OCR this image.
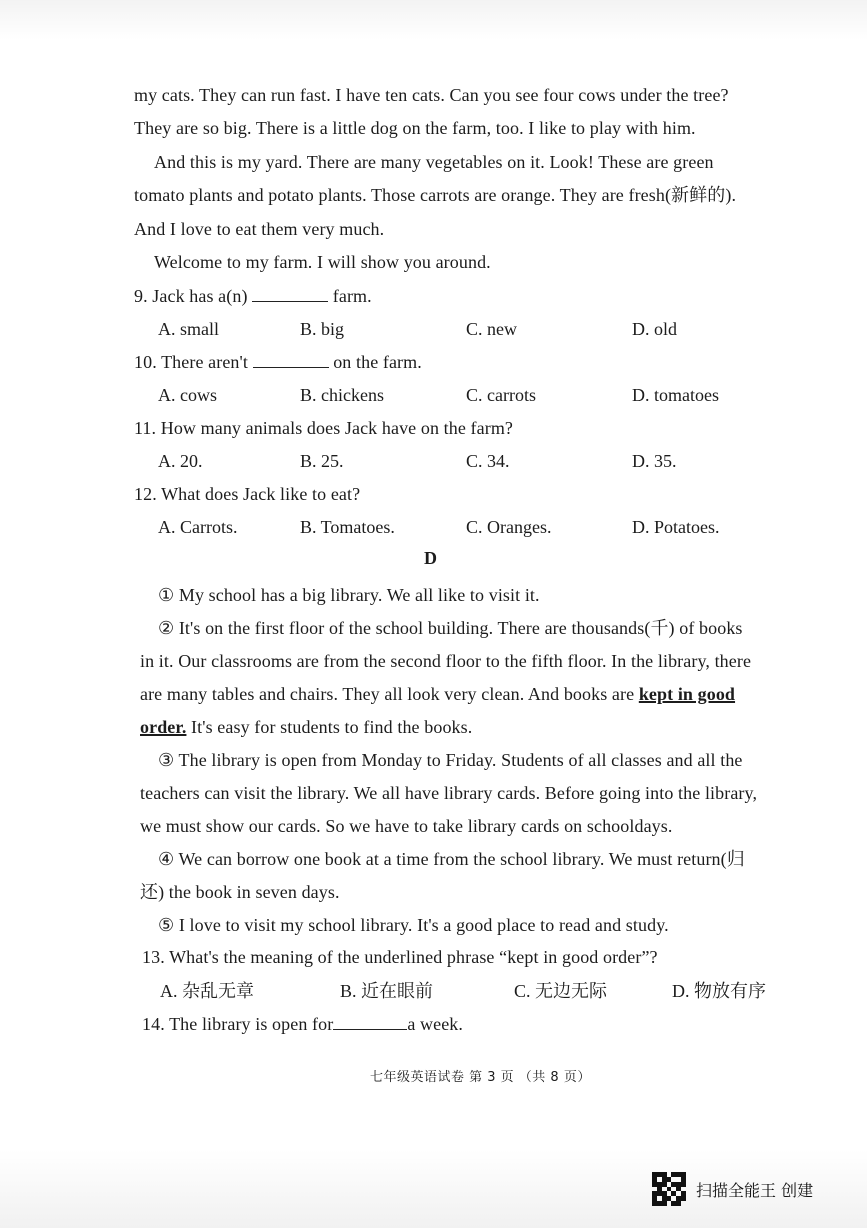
my cats. They can run fast. I have ten cats. Can you see four cows under the tree?
They are so big. There is a little dog on the farm, too. I like to play with him.
And this is my yard. There are many vegetables on it. Look! These are green
tomato plants and potato plants. Those carrots are orange. They are fresh(新鲜的).
And I love to eat them very much.
Welcome to my farm. I will show you around.
9. Jack has a(n)	farm.
A. small	B. big	C. new	D. old
10. There aren't	on the farm.
A. cows	B. chickens	C. carrots	D. tomatoes
11. How many animals does Jack have on the farm?
A. 20.	B. 25.	C. 34.	D. 35.
12. What does Jack like to eat?
A. Carrots.	B. Tomatoes.	C. Oranges.	D. Potatoes.
D
① My school has a big library. We all like to visit it.
② It's on the first floor of the school building. There are thousands(千) of books
in it. Our classrooms are from the second floor to the fifth floor. In the library, there
are many tables and chairs. They all look very clean. And books are kept in good
order. It's easy for students to find the books.
③ The library is open from Monday to Friday. Students of all classes and all the
teachers can visit the library. We all have library cards. Before going into the library,
we must show our cards. So we have to take library cards on schooldays.
④ We can borrow one book at a time from the school library. We must return(归
还) the book in seven days.
⑤ I love to visit my school library. It's a good place to read and study.
13. What's the meaning of the underlined phrase “kept in good order”?
A. 杂乱无章	B. 近在眼前	C. 无边无际	D. 物放有序
14. The library is open for	a week.
七年级英语试卷 第 3 页 （共 8 页）
扫描全能王 创建
